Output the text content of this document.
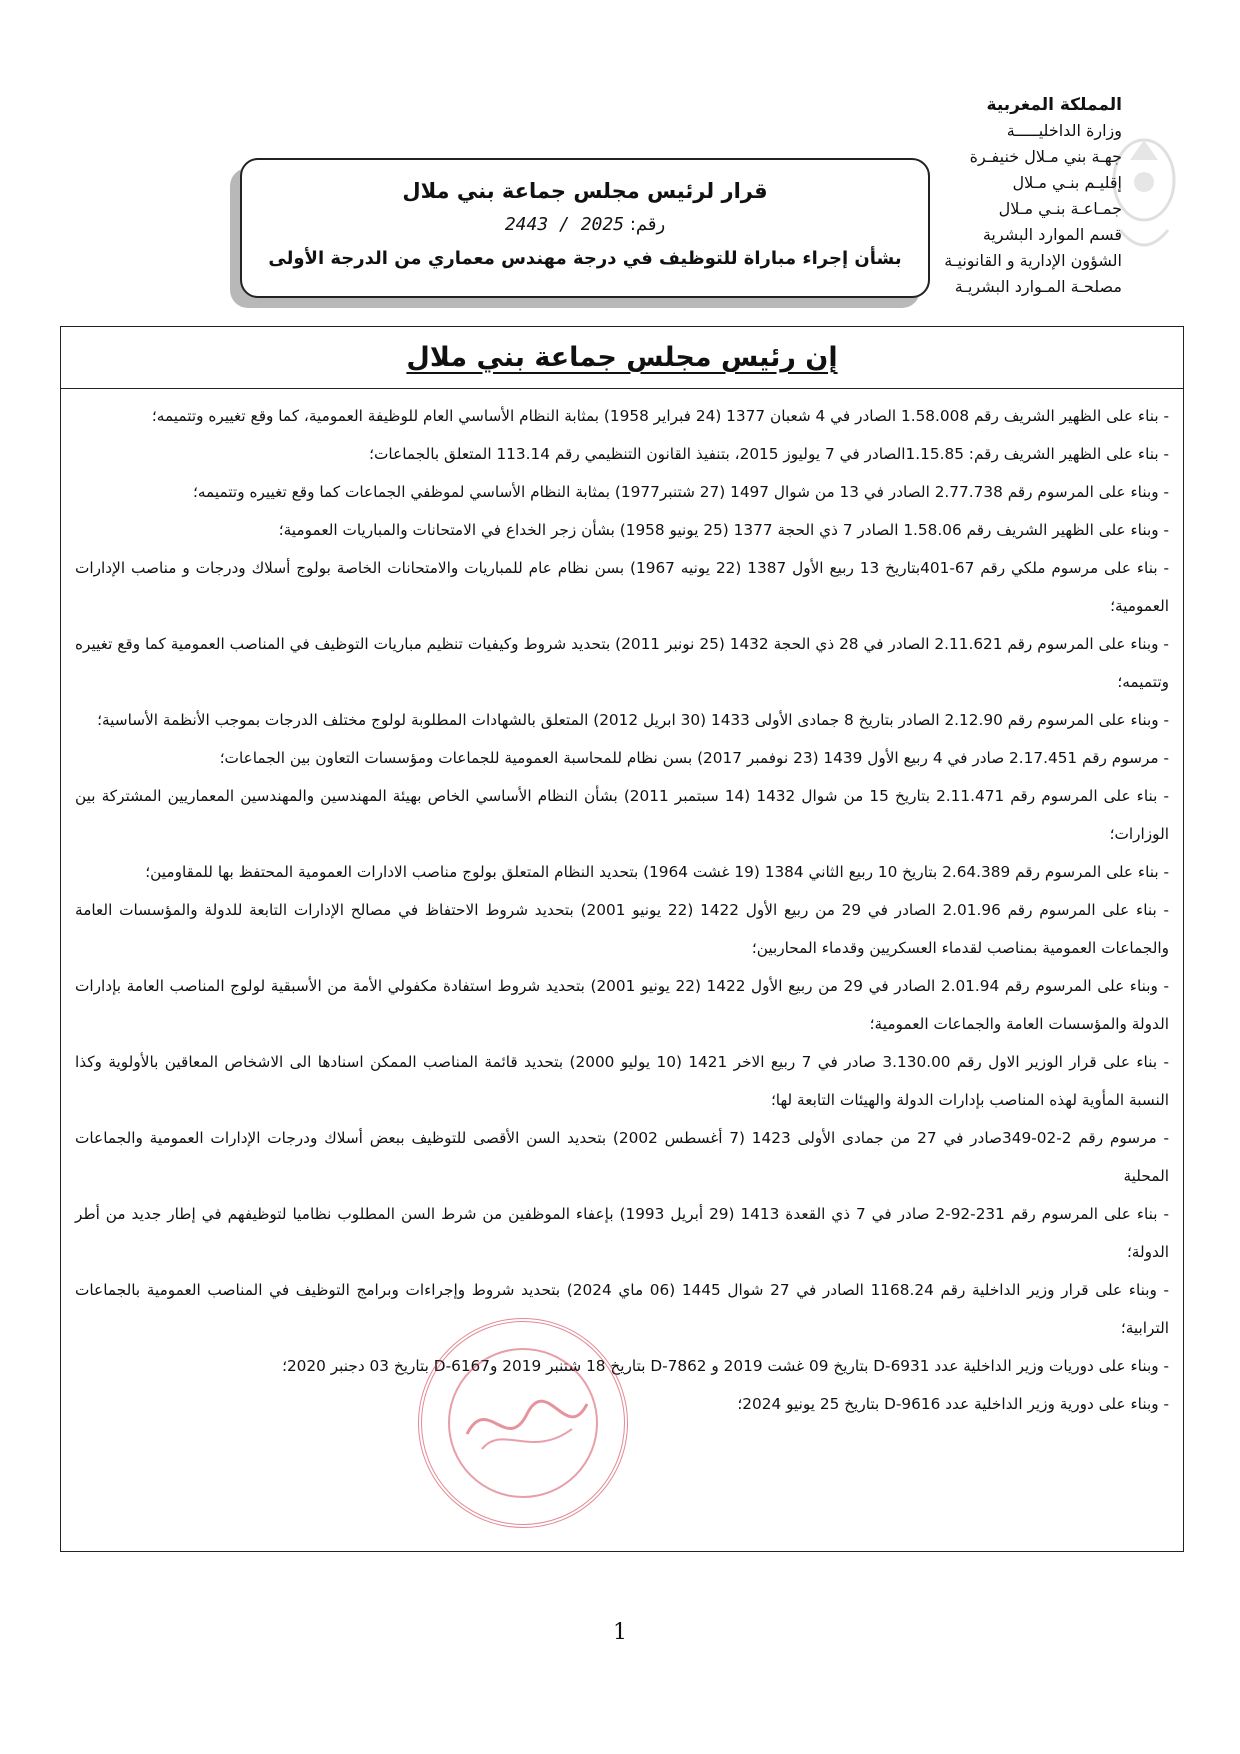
المملكة المغربية
وزارة الداخليـــــة
جهـة بني مـلال خنيفـرة
إقليـم بنـي مـلال
جمـاعـة بنـي مـلال
قسم الموارد البشرية
الشؤون الإدارية و القانونيـة
مصلحـة المـوارد البشريـة
قرار لرئيس مجلس جماعة بني ملال
رقم: 2025 / 2443
بشأن إجراء مباراة للتوظيف في درجة مهندس معماري من الدرجة الأولى
إن رئيس مجلس جماعة بني ملال
- بناء على الظهير الشريف رقم 1.58.008 الصادر في 4 شعبان 1377 (24 فبراير 1958) بمثابة النظام الأساسي العام للوظيفة العمومية، كما وقع تغييره وتتميمه؛
- بناء على الظهير الشريف رقم: 1.15.85الصادر في 7 يوليوز 2015، بتنفيذ القانون التنظيمي رقم 113.14 المتعلق بالجماعات؛
- وبناء على المرسوم رقم 2.77.738 الصادر في 13 من شوال 1497 (27 شتنبر1977) بمثابة النظام الأساسي لموظفي الجماعات كما وقع تغييره وتتميمه؛
- وبناء على الظهير الشريف رقم 1.58.06 الصادر 7 ذي الحجة 1377 (25 يونيو 1958) بشأن زجر الخداع في الامتحانات والمباريات العمومية؛
- بناء على مرسوم ملكي رقم 67-401بتاريخ 13 ربيع الأول 1387 (22 يونيه 1967) بسن نظام عام للمباريات والامتحانات الخاصة بولوج أسلاك ودرجات و مناصب الإدارات العمومية؛
- وبناء على المرسوم رقم 2.11.621 الصادر في 28 ذي الحجة 1432 (25 نونبر 2011) بتحديد شروط وكيفيات تنظيم مباريات التوظيف في المناصب العمومية كما وقع تغييره وتتميمه؛
- وبناء على المرسوم رقم 2.12.90 الصادر بتاريخ 8 جمادى الأولى 1433 (30 ابريل 2012) المتعلق بالشهادات المطلوبة لولوج مختلف الدرجات بموجب الأنظمة الأساسية؛
- مرسوم رقم 2.17.451 صادر في 4 ربيع الأول 1439 (23 نوفمبر 2017) بسن نظام للمحاسبة العمومية للجماعات ومؤسسات التعاون بين الجماعات؛
- بناء على المرسوم رقم 2.11.471 بتاريخ 15 من شوال 1432 (14 سبتمبر 2011) بشأن النظام الأساسي الخاص بهيئة المهندسين والمهندسين المعماريين المشتركة بين الوزارات؛
- بناء على المرسوم رقم 2.64.389 بتاريخ 10 ربيع الثاني 1384 (19 غشت 1964) بتحديد النظام المتعلق بولوج مناصب الادارات العمومية المحتفظ بها للمقاومين؛
- بناء على المرسوم رقم 2.01.96 الصادر في 29 من ربيع الأول 1422 (22 يونيو 2001) بتحديد شروط الاحتفاظ في مصالح الإدارات التابعة للدولة والمؤسسات العامة والجماعات العمومية بمناصب لقدماء العسكريين وقدماء المحاربين؛
- وبناء على المرسوم رقم 2.01.94 الصادر في 29 من ربيع الأول 1422 (22 يونيو 2001) بتحديد شروط استفادة مكفولي الأمة من الأسبقية لولوج المناصب العامة بإدارات الدولة والمؤسسات العامة والجماعات العمومية؛
- بناء على قرار الوزير الاول رقم 3.130.00 صادر في 7 ربيع الاخر 1421 (10 يوليو 2000) بتحديد قائمة المناصب الممكن اسنادها الى الاشخاص المعاقين بالأولوية وكذا النسبة المأوية لهذه المناصب بإدارات الدولة والهيئات التابعة لها؛
- مرسوم رقم 2-02-349صادر في 27 من جمادى الأولى 1423 (7 أغسطس 2002) بتحديد السن الأقصى للتوظيف ببعض أسلاك ودرجات الإدارات العمومية والجماعات المحلية
- بناء على المرسوم رقم 231-92-2 صادر في 7 ذي القعدة 1413 (29 أبريل 1993) بإعفاء الموظفين من شرط السن المطلوب نظاميا لتوظيفهم في إطار جديد من أطر الدولة؛
- وبناء على قرار وزير الداخلية رقم 1168.24 الصادر في 27 شوال 1445 (06 ماي 2024) بتحديد شروط وإجراءات وبرامج التوظيف في المناصب العمومية بالجماعات الترابية؛
- وبناء على دوريات وزير الداخلية عدد D-6931 بتاريخ 09 غشت 2019 و D-7862 بتاريخ 18 شتنبر 2019 وD-6167 بتاريخ 03 دجنبر 2020؛
- وبناء على دورية وزير الداخلية عدد D-9616 بتاريخ 25 يونيو 2024؛
1
